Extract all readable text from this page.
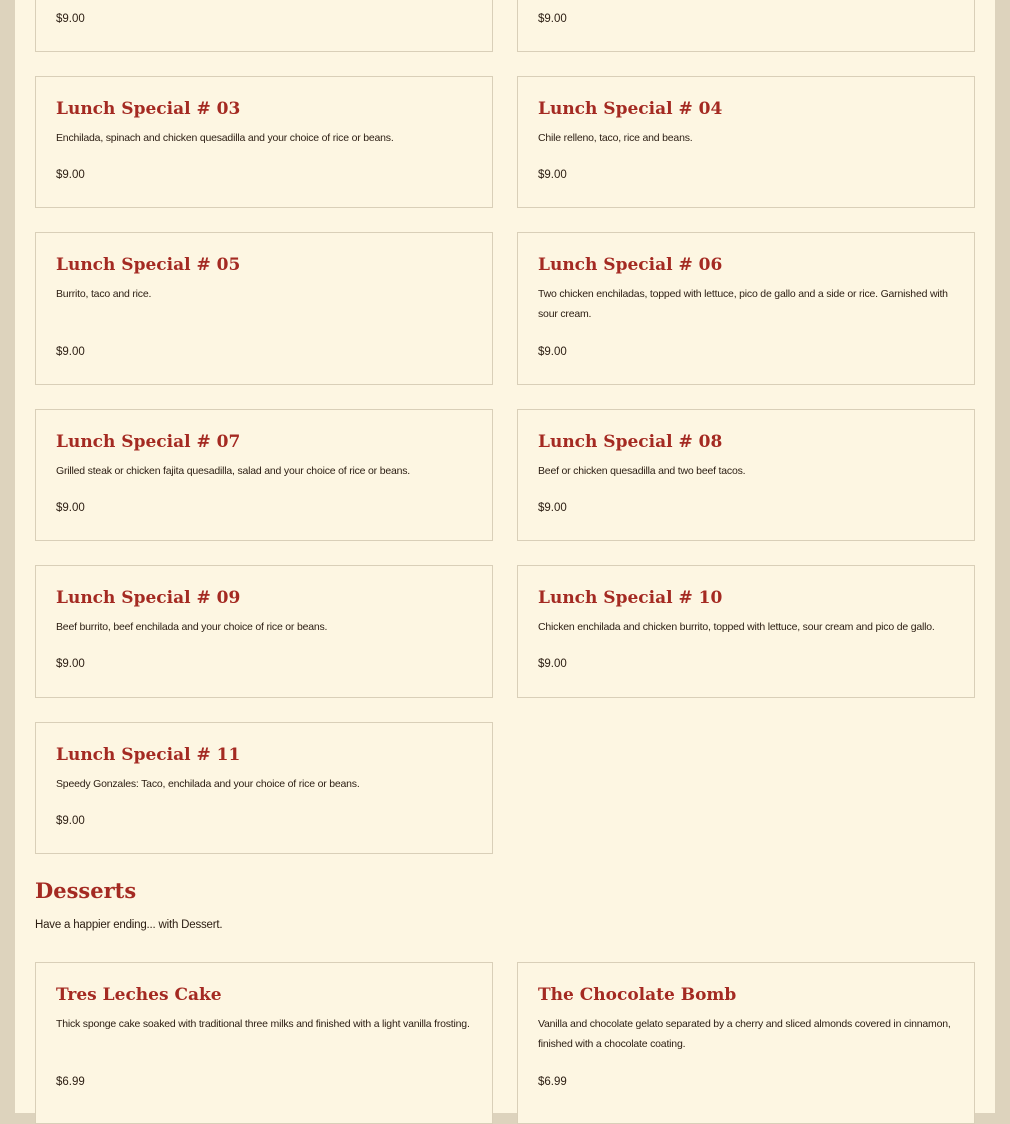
$9.00	$9.00

Lunch Special # 03

Enchilada, spinach and chicken quesadilla and your choice of rice or beans.

$9.00

Lunch Special # 04

Chile relleno, taco, rice and beans.

$9.00

Lunch Special # 05

Burrito, taco and rice.

$9.00

Lunch Special # 06

Two chicken enchiladas, topped with lettuce, pico de gallo and a side or rice. Garnished with sour cream.

$9.00

Lunch Special # 07

Grilled steak or chicken fajita quesadilla, salad and your choice of rice or beans.

$9.00

Lunch Special # 08

Beef or chicken quesadilla and two beef tacos.

$9.00

Lunch Special # 09

Beef burrito, beef enchilada and your choice of rice or beans.

$9.00

Lunch Special # 10

Chicken enchilada and chicken burrito, topped with lettuce, sour cream and pico de gallo.

$9.00

Lunch Special # 11

Speedy Gonzales: Taco, enchilada and your choice of rice or beans.

$9.00

Desserts

Have a happier ending... with Dessert.

Tres Leches Cake

Thick sponge cake soaked with traditional three milks and finished with a light vanilla frosting.

$6.99

The Chocolate Bomb

Vanilla and chocolate gelato separated by a cherry and sliced almonds covered in cinnamon, finished with a chocolate coating.

$6.99
